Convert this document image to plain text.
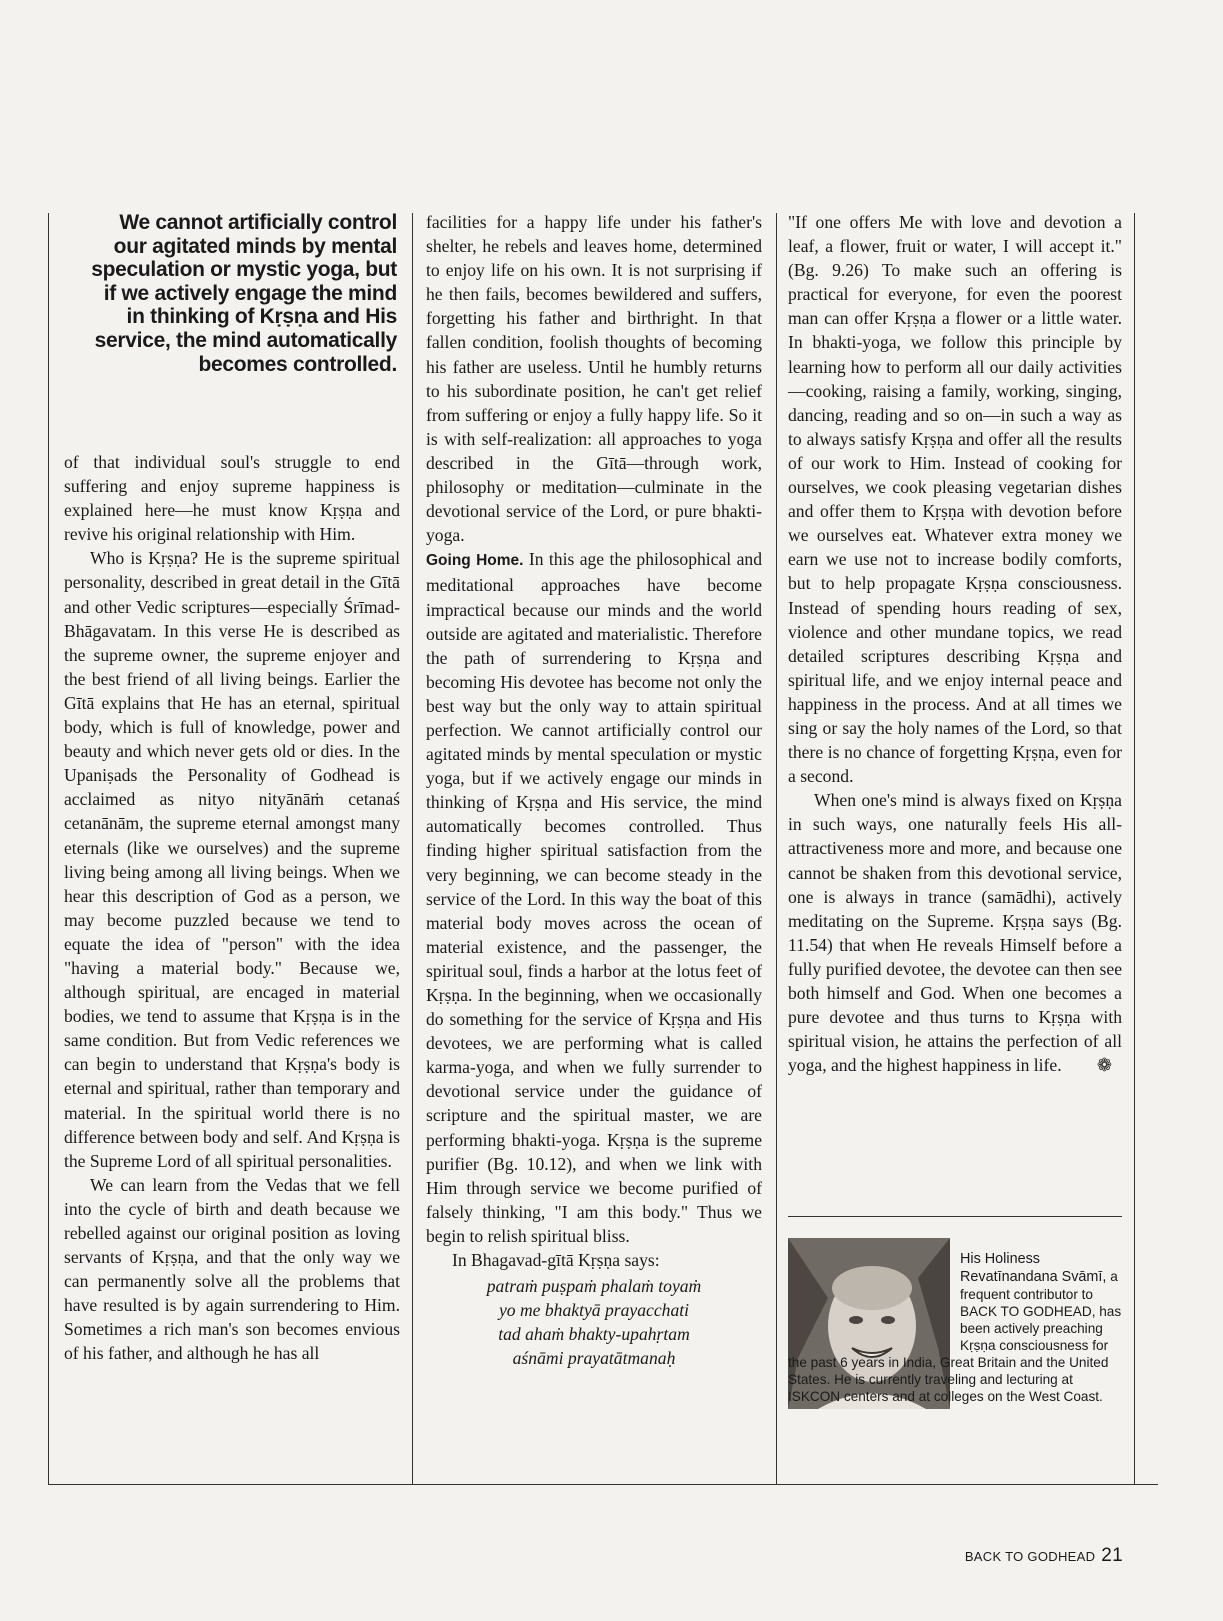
We cannot artificially control our agitated minds by mental speculation or mystic yoga, but if we actively engage the mind in thinking of Kṛṣṇa and His service, the mind automatically becomes controlled.

of that individual soul's struggle to end suffering and enjoy supreme happiness is explained here—he must know Kṛṣṇa and revive his original relationship with Him.

Who is Kṛṣṇa? He is the supreme spiritual personality, described in great detail in the Gītā and other Vedic scriptures—especially Śrīmad-Bhāgavatam. In this verse He is described as the supreme owner, the supreme enjoyer and the best friend of all living beings. Earlier the Gītā explains that He has an eternal, spiritual body, which is full of knowledge, power and beauty and which never gets old or dies. In the Upaniṣads the Personality of Godhead is acclaimed as nityo nityānāṁ cetanaś cetanānām, the supreme eternal amongst many eternals (like we ourselves) and the supreme living being among all living beings. When we hear this description of God as a person, we may become puzzled because we tend to equate the idea of "person" with the idea "having a material body." Because we, although spiritual, are encaged in material bodies, we tend to assume that Kṛṣṇa is in the same condition. But from Vedic references we can begin to understand that Kṛṣṇa's body is eternal and spiritual, rather than temporary and material. In the spiritual world there is no difference between body and self. And Kṛṣṇa is the Supreme Lord of all spiritual personalities.

We can learn from the Vedas that we fell into the cycle of birth and death because we rebelled against our original position as loving servants of Kṛṣṇa, and that the only way we can permanently solve all the problems that have resulted is by again surrendering to Him. Sometimes a rich man's son becomes envious of his father, and although he has all

facilities for a happy life under his father's shelter, he rebels and leaves home, determined to enjoy life on his own. It is not surprising if he then fails, becomes bewildered and suffers, forgetting his father and birthright. In that fallen condition, foolish thoughts of becoming his father are useless. Until he humbly returns to his subordinate position, he can't get relief from suffering or enjoy a fully happy life. So it is with self-realization: all approaches to yoga described in the Gītā—through work, philosophy or meditation—culminate in the devotional service of the Lord, or pure bhakti-yoga.

Going Home. In this age the philosophical and meditational approaches have become impractical because our minds and the world outside are agitated and materialistic. Therefore the path of surrendering to Kṛṣṇa and becoming His devotee has become not only the best way but the only way to attain spiritual perfection. We cannot artificially control our agitated minds by mental speculation or mystic yoga, but if we actively engage our minds in thinking of Kṛṣṇa and His service, the mind automatically becomes controlled. Thus finding higher spiritual satisfaction from the very beginning, we can become steady in the service of the Lord. In this way the boat of this material body moves across the ocean of material existence, and the passenger, the spiritual soul, finds a harbor at the lotus feet of Kṛṣṇa. In the beginning, when we occasionally do something for the service of Kṛṣṇa and His devotees, we are performing what is called karma-yoga, and when we fully surrender to devotional service under the guidance of scripture and the spiritual master, we are performing bhakti-yoga. Kṛṣṇa is the supreme purifier (Bg. 10.12), and when we link with Him through service we become purified of falsely thinking, "I am this body." Thus we begin to relish spiritual bliss.

In Bhagavad-gītā Kṛṣṇa says:

patraṁ puṣpaṁ phalaṁ toyaṁ
yo me bhaktyā prayacchati
tad ahaṁ bhakty-upahṛtam
aśnāmi prayatātmanaḥ

"If one offers Me with love and devotion a leaf, a flower, fruit or water, I will accept it." (Bg. 9.26) To make such an offering is practical for everyone, for even the poorest man can offer Kṛṣṇa a flower or a little water. In bhakti-yoga, we follow this principle by learning how to perform all our daily activities—cooking, raising a family, working, singing, dancing, reading and so on—in such a way as to always satisfy Kṛṣṇa and offer all the results of our work to Him. Instead of cooking for ourselves, we cook pleasing vegetarian dishes and offer them to Kṛṣṇa with devotion before we ourselves eat. Whatever extra money we earn we use not to increase bodily comforts, but to help propagate Kṛṣṇa consciousness. Instead of spending hours reading of sex, violence and other mundane topics, we read detailed scriptures describing Kṛṣṇa and spiritual life, and we enjoy internal peace and happiness in the process. And at all times we sing or say the holy names of the Lord, so that there is no chance of forgetting Kṛṣṇa, even for a second.

When one's mind is always fixed on Kṛṣṇa in such ways, one naturally feels His all-attractiveness more and more, and because one cannot be shaken from this devotional service, one is always in trance (samādhi), actively meditating on the Supreme. Kṛṣṇa says (Bg. 11.54) that when He reveals Himself before a fully purified devotee, the devotee can then see both himself and God. When one becomes a pure devotee and thus turns to Kṛṣṇa with spiritual vision, he attains the perfection of all yoga, and the highest happiness in life.	❁

His Holiness Revatīnandana Svāmī, a frequent contributor to BACK TO GODHEAD, has been actively preaching Kṛṣṇa consciousness for
the past 6 years in India, Great Britain and the United States. He is currently traveling and lecturing at ISKCON centers and at colleges on the West Coast.
BACK TO GODHEAD 21
